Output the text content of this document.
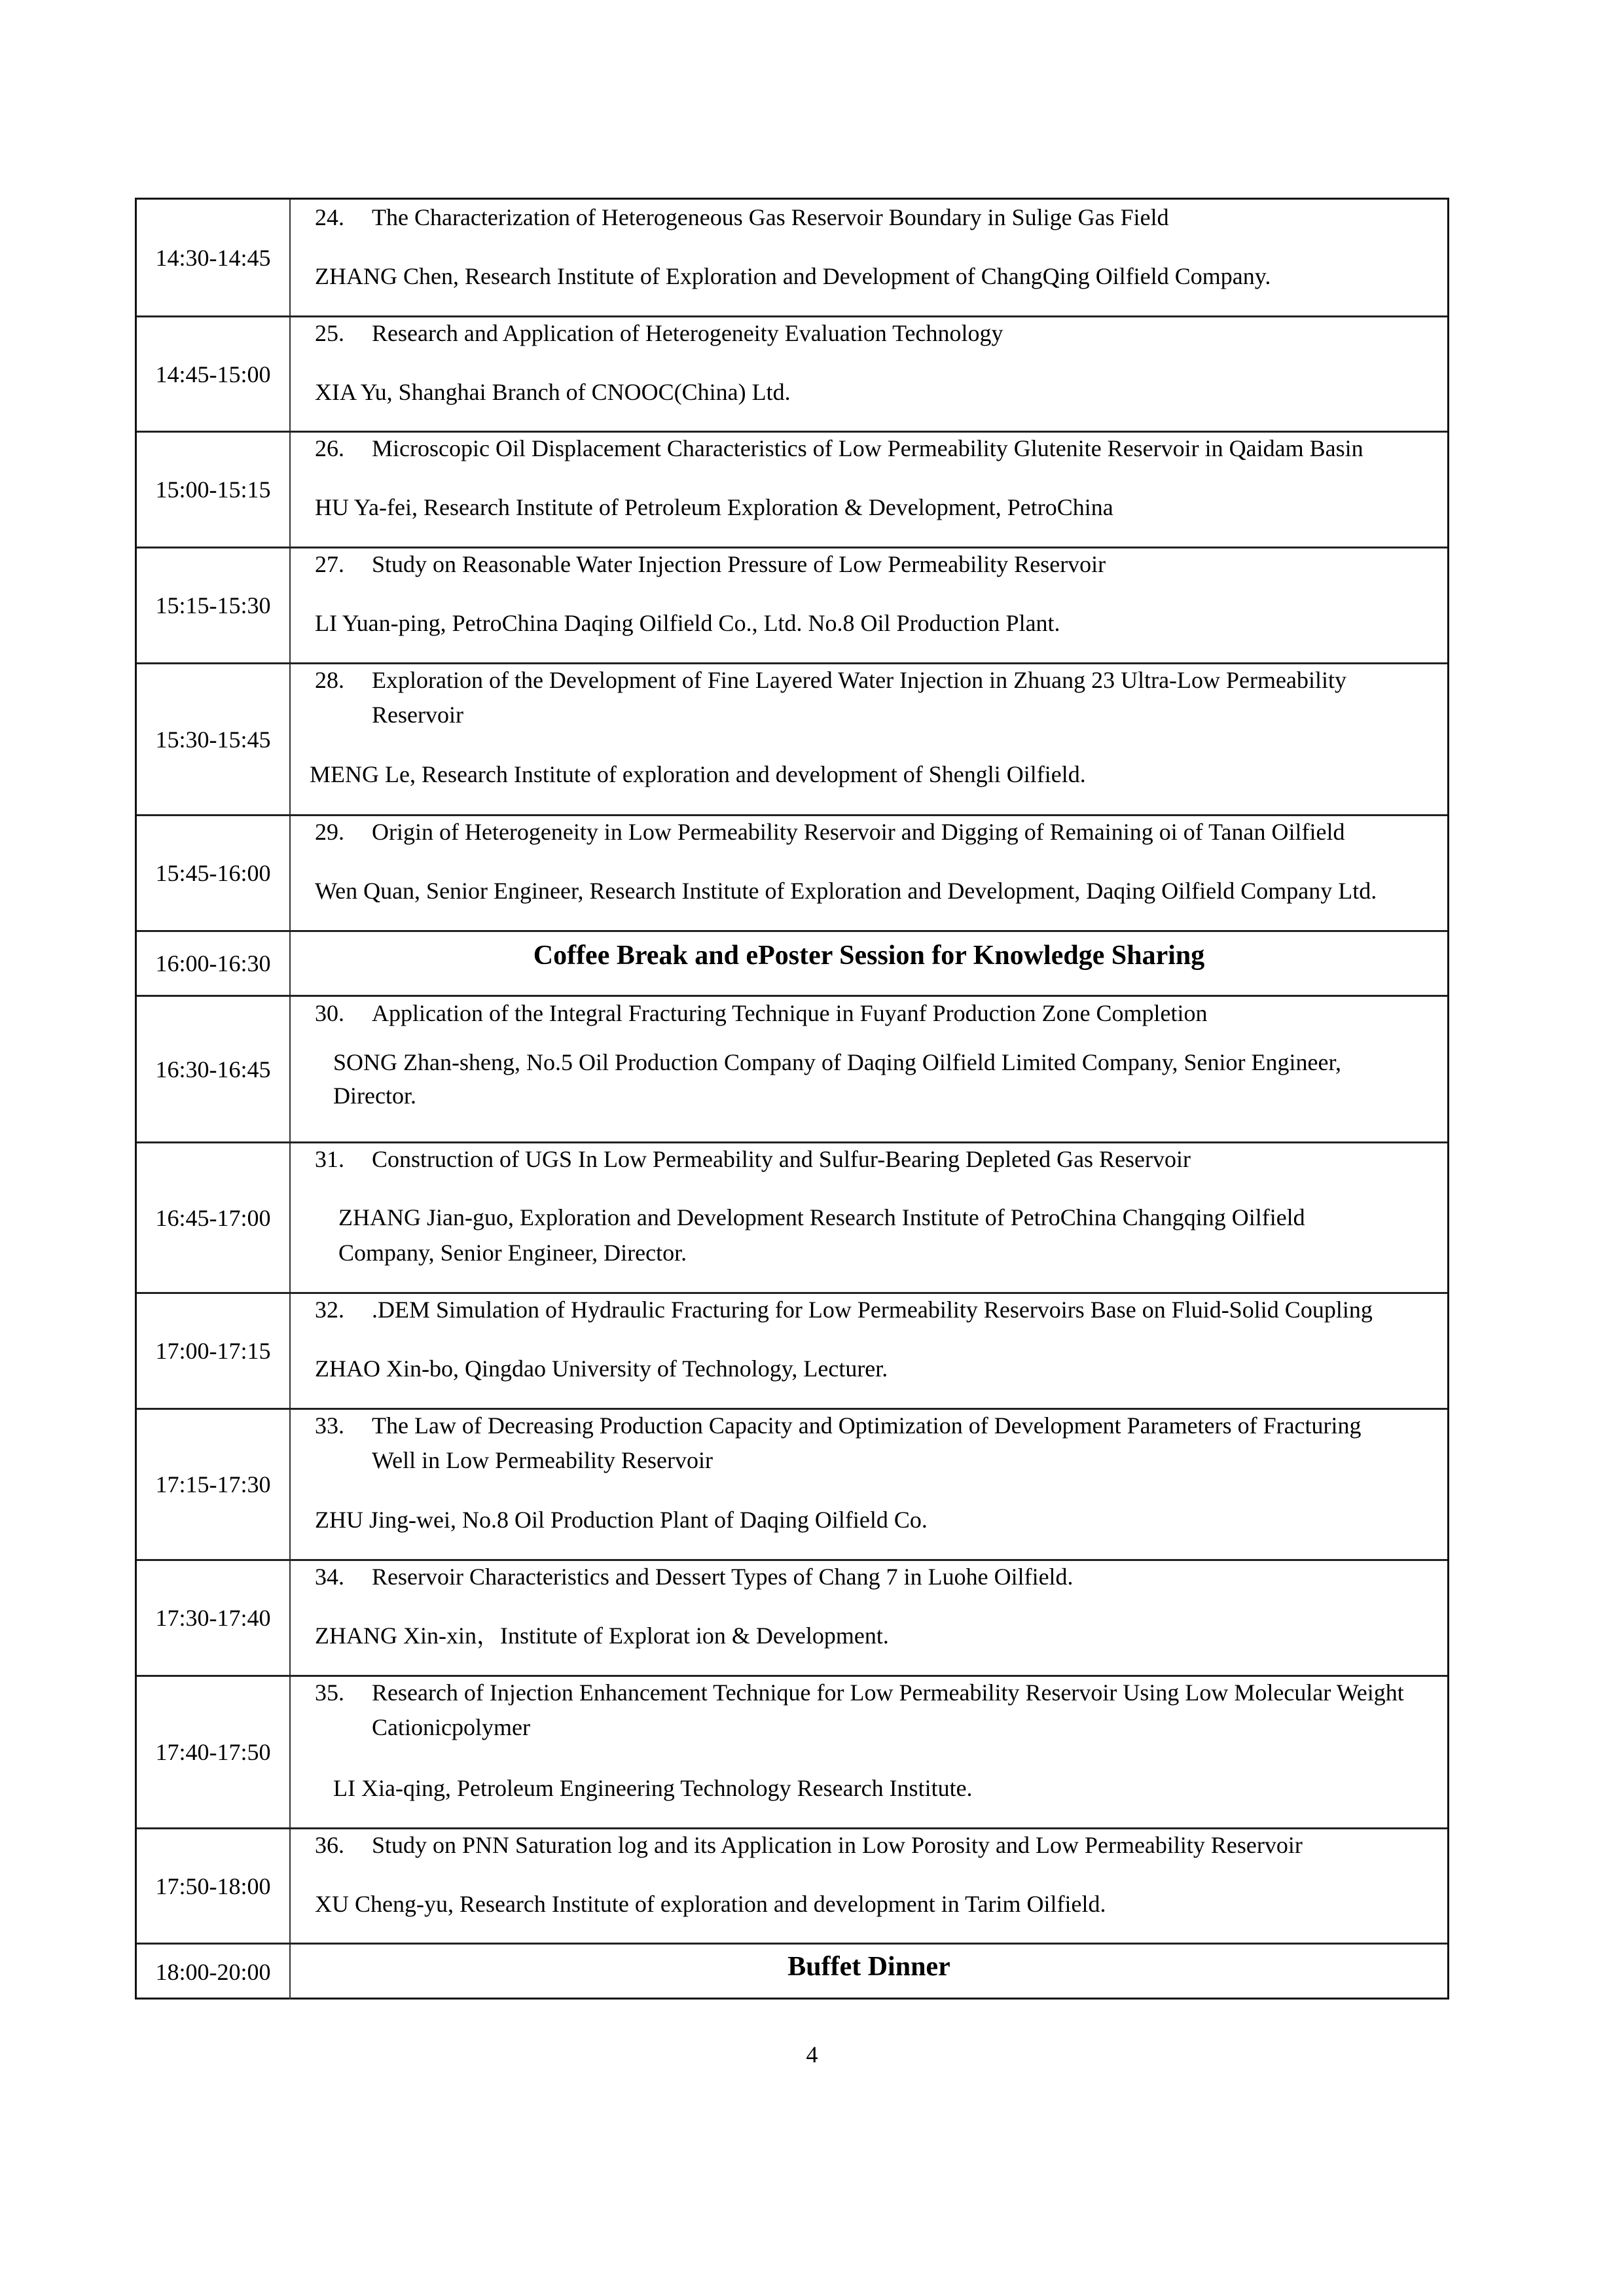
14:30-14:45
24. The Characterization of Heterogeneous Gas Reservoir Boundary in Sulige Gas Field
ZHANG Chen, Research Institute of Exploration and Development of ChangQing Oilfield Company.
14:45-15:00
25. Research and Application of Heterogeneity Evaluation Technology
XIA Yu, Shanghai Branch of CNOOC(China) Ltd.
15:00-15:15
26. Microscopic Oil Displacement Characteristics of Low Permeability Glutenite Reservoir in Qaidam Basin
HU Ya-fei, Research Institute of Petroleum Exploration & Development, PetroChina
15:15-15:30
27. Study on Reasonable Water Injection Pressure of Low Permeability Reservoir
LI Yuan-ping, PetroChina Daqing Oilfield Co., Ltd. No.8 Oil Production Plant.
15:30-15:45
28. Exploration of the Development of Fine Layered Water Injection in Zhuang 23 Ultra-Low Permeability
Reservoir
MENG Le, Research Institute of exploration and development of Shengli Oilfield.
15:45-16:00
29. Origin of Heterogeneity in Low Permeability Reservoir and Digging of Remaining oi of Tanan Oilfield
Wen Quan, Senior Engineer, Research Institute of Exploration and Development, Daqing Oilfield Company Ltd.
16:00-16:30	Coffee Break and ePoster Session for Knowledge Sharing
16:30-16:45
30. Application of the Integral Fracturing Technique in Fuyanf Production Zone Completion
SONG Zhan-sheng, No.5 Oil Production Company of Daqing Oilfield Limited Company, Senior Engineer,
Director.
16:45-17:00
31. Construction of UGS In Low Permeability and Sulfur-Bearing Depleted Gas Reservoir
ZHANG Jian-guo, Exploration and Development Research Institute of PetroChina Changqing Oilfield
Company, Senior Engineer, Director.
17:00-17:15
32. .DEM Simulation of Hydraulic Fracturing for Low Permeability Reservoirs Base on Fluid-Solid Coupling
ZHAO Xin-bo, Qingdao University of Technology, Lecturer.
17:15-17:30
33. The Law of Decreasing Production Capacity and Optimization of Development Parameters of Fracturing
Well in Low Permeability Reservoir
ZHU Jing-wei, No.8 Oil Production Plant of Daqing Oilfield Co.
17:30-17:40
34. Reservoir Characteristics and Dessert Types of Chang 7 in Luohe Oilfield.
ZHANG Xin-xin，Institute of Explorat ion & Development.
17:40-17:50
35. Research of Injection Enhancement Technique for Low Permeability Reservoir Using Low Molecular Weight
Cationicpolymer
LI Xia-qing, Petroleum Engineering Technology Research Institute.
17:50-18:00
36. Study on PNN Saturation log and its Application in Low Porosity and Low Permeability Reservoir
XU Cheng-yu, Research Institute of exploration and development in Tarim Oilfield.
18:00-20:00	Buffet Dinner
4
